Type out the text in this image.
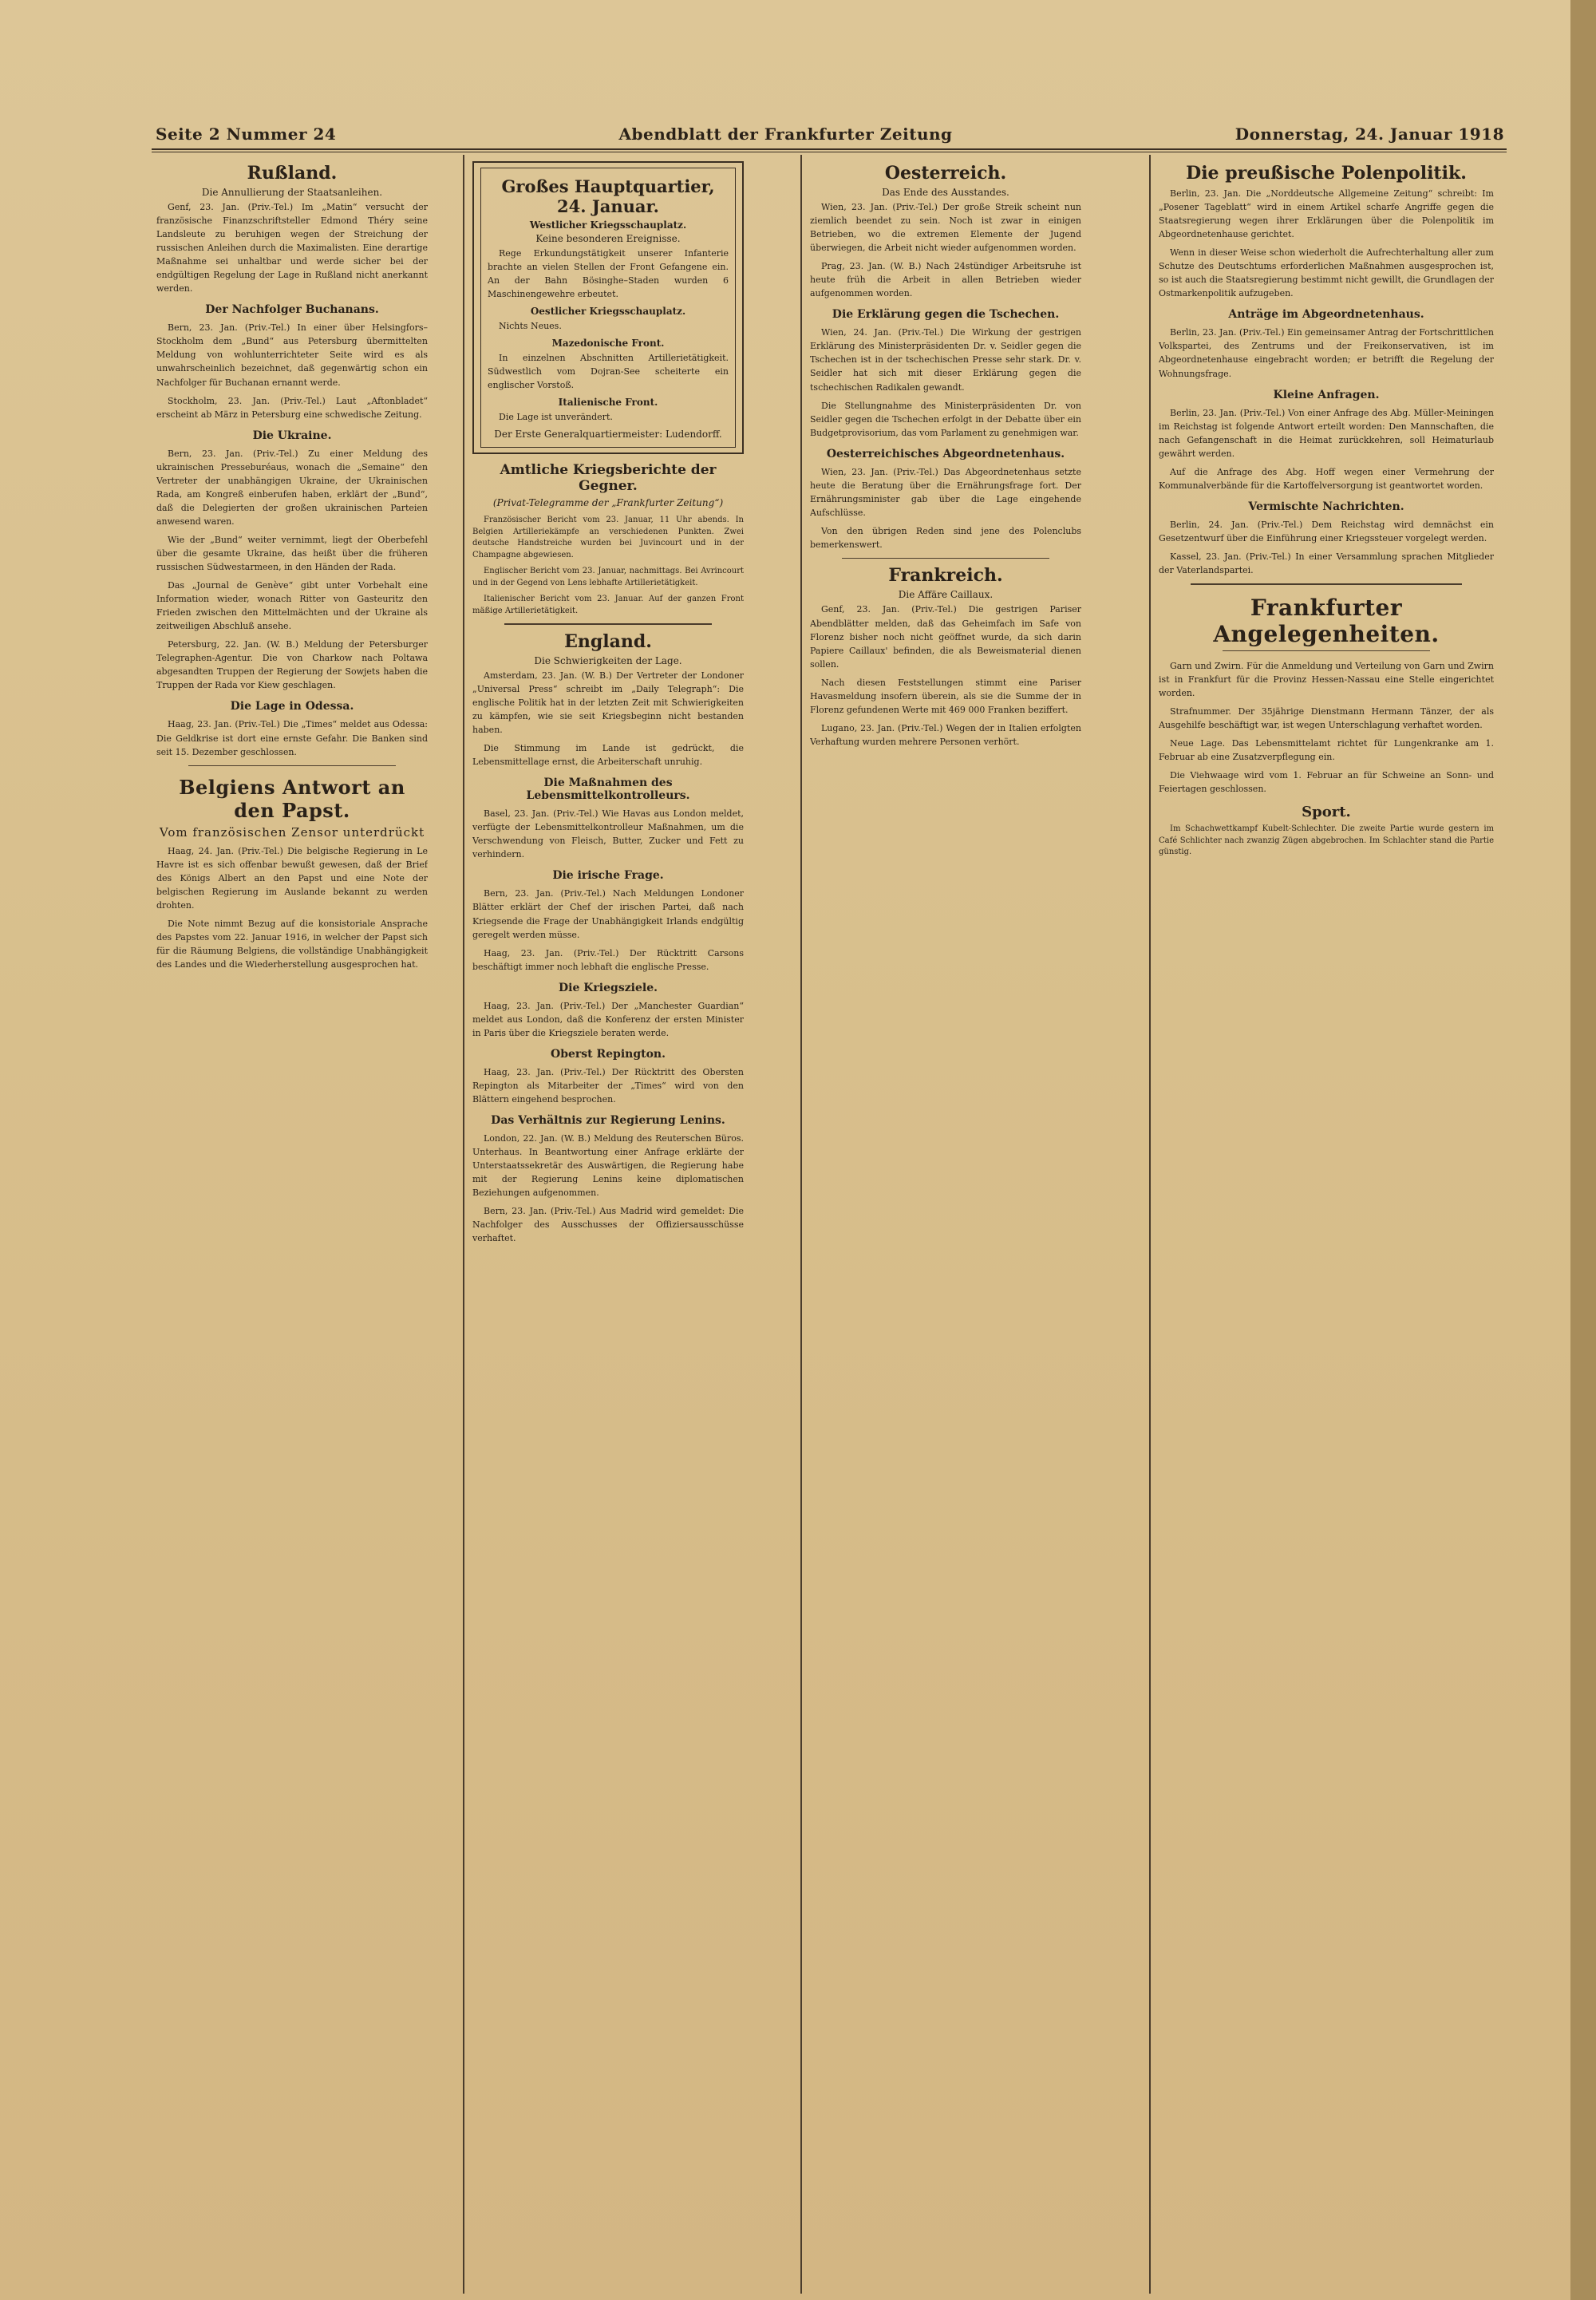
Seite 2 Nummer 24	Abendblatt der Frankfurter Zeitung	Donnerstag, 24. Januar 1918
Rußland.
Die Annullierung der Staatsanleihen.

Genf, 23. Jan. (Priv.-Tel.) Im „Matin“ versucht der französische Finanzschriftsteller Edmond Théry seine Landsleute zu beruhigen wegen der Streichung der russischen Anleihen durch die Maximalisten. Eine derartige Maßnahme sei unhaltbar und werde sicher bei der endgültigen Regelung der Lage in Rußland nicht anerkannt werden.

Der Nachfolger Buchanans.

Bern, 23. Jan. (Priv.-Tel.) In einer über Helsingfors–Stockholm dem „Bund“ aus Petersburg übermittelten Meldung von wohlunterrichteter Seite wird es als unwahrscheinlich bezeichnet, daß gegenwärtig schon ein Nachfolger für Buchanan ernannt werde.

Stockholm, 23. Jan. (Priv.-Tel.) Laut „Aftonbladet“ erscheint ab März in Petersburg eine schwedische Zeitung.

Die Ukraine.

Bern, 23. Jan. (Priv.-Tel.) Zu einer Meldung des ukrainischen Presseburéaus, wonach die „Semaine“ den Vertreter der unabhängigen Ukraine, der Ukrainischen Rada, am Kongreß einberufen haben, erklärt der „Bund“, daß die Delegierten der großen ukrainischen Parteien anwesend waren.

Wie der „Bund“ weiter vernimmt, liegt der Oberbefehl über die gesamte Ukraine, das heißt über die früheren russischen Südwestarmeen, in den Händen der Rada.

Das „Journal de Genève“ gibt unter Vorbehalt eine Information wieder, wonach Ritter von Gasteuritz den Frieden zwischen den Mittelmächten und der Ukraine als zeitweiligen Abschluß ansehe.

Petersburg, 22. Jan. (W. B.) Meldung der Petersburger Telegraphen-Agentur. Die von Charkow nach Poltawa abgesandten Truppen der Regierung der Sowjets haben die Truppen der Rada vor Kiew geschlagen.

Die Lage in Odessa.

Haag, 23. Jan. (Priv.-Tel.) Die „Times“ meldet aus Odessa: Die Geldkrise ist dort eine ernste Gefahr. Die Banken sind seit 15. Dezember geschlossen.

Belgiens Antwort an den Papst.
Vom französischen Zensor unterdrückt

Haag, 24. Jan. (Priv.-Tel.) Die belgische Regierung in Le Havre ist es sich offenbar bewußt gewesen, daß der Brief des Königs Albert an den Papst und eine Note der belgischen Regierung im Auslande bekannt zu werden drohten.

Die Note nimmt Bezug auf die konsistoriale Ansprache des Papstes vom 22. Januar 1916, in welcher der Papst sich für die Räumung Belgiens, die vollständige Unabhängigkeit des Landes und die Wiederherstellung ausgesprochen hat.

Großes Hauptquartier, 24. Januar.
Westlicher Kriegsschauplatz.
Keine besonderen Ereignisse.

Rege Erkundungstätigkeit unserer Infanterie brachte an vielen Stellen der Front Gefangene ein. An der Bahn Bösinghe–Staden wurden 6 Maschinengewehre erbeutet.

Oestlicher Kriegsschauplatz.

Nichts Neues.

Mazedonische Front.

In einzelnen Abschnitten Artillerietätigkeit. Südwestlich vom Dojran-See scheiterte ein englischer Vorstoß.

Italienische Front.

Die Lage ist unverändert.

Der Erste Generalquartiermeister: Ludendorff.
Amtliche Kriegsberichte der Gegner.
(Privat-Telegramme der „Frankfurter Zeitung“)

Französischer Bericht vom 23. Januar, 11 Uhr abends. In Belgien Artilleriekämpfe an verschiedenen Punkten. Zwei deutsche Handstreiche wurden bei Juvincourt und in der Champagne abgewiesen.

Englischer Bericht vom 23. Januar, nachmittags. Bei Avrincourt und in der Gegend von Lens lebhafte Artillerietätigkeit.

Italienischer Bericht vom 23. Januar. Auf der ganzen Front mäßige Artillerietätigkeit.

England.
Die Schwierigkeiten der Lage.

Amsterdam, 23. Jan. (W. B.) Der Vertreter der Londoner „Universal Press“ schreibt im „Daily Telegraph“: Die englische Politik hat in der letzten Zeit mit Schwierigkeiten zu kämpfen, wie sie seit Kriegsbeginn nicht bestanden haben.

Die Stimmung im Lande ist gedrückt, die Lebensmittellage ernst, die Arbeiterschaft unruhig.

Die Maßnahmen des Lebensmittelkontrolleurs.

Basel, 23. Jan. (Priv.-Tel.) Wie Havas aus London meldet, verfügte der Lebensmittelkontrolleur Maßnahmen, um die Verschwendung von Fleisch, Butter, Zucker und Fett zu verhindern.

Die irische Frage.

Bern, 23. Jan. (Priv.-Tel.) Nach Meldungen Londoner Blätter erklärt der Chef der irischen Partei, daß nach Kriegsende die Frage der Unabhängigkeit Irlands endgültig geregelt werden müsse.

Haag, 23. Jan. (Priv.-Tel.) Der Rücktritt Carsons beschäftigt immer noch lebhaft die englische Presse.

Die Kriegsziele.

Haag, 23. Jan. (Priv.-Tel.) Der „Manchester Guardian“ meldet aus London, daß die Konferenz der ersten Minister in Paris über die Kriegsziele beraten werde.

Oberst Repington.

Haag, 23. Jan. (Priv.-Tel.) Der Rücktritt des Obersten Repington als Mitarbeiter der „Times“ wird von den Blättern eingehend besprochen.

Das Verhältnis zur Regierung Lenins.

London, 22. Jan. (W. B.) Meldung des Reuterschen Büros. Unterhaus. In Beantwortung einer Anfrage erklärte der Unterstaatssekretär des Auswärtigen, die Regierung habe mit der Regierung Lenins keine diplomatischen Beziehungen aufgenommen.

Bern, 23. Jan. (Priv.-Tel.) Aus Madrid wird gemeldet: Die Nachfolger des Ausschusses der Offiziersausschüsse verhaftet.

Oesterreich.
Das Ende des Ausstandes.

Wien, 23. Jan. (Priv.-Tel.) Der große Streik scheint nun ziemlich beendet zu sein. Noch ist zwar in einigen Betrieben, wo die extremen Elemente der Jugend überwiegen, die Arbeit nicht wieder aufgenommen worden.

Prag, 23. Jan. (W. B.) Nach 24stündiger Arbeitsruhe ist heute früh die Arbeit in allen Betrieben wieder aufgenommen worden.

Die Erklärung gegen die Tschechen.

Wien, 24. Jan. (Priv.-Tel.) Die Wirkung der gestrigen Erklärung des Ministerpräsidenten Dr. v. Seidler gegen die Tschechen ist in der tschechischen Presse sehr stark. Dr. v. Seidler hat sich mit dieser Erklärung gegen die tschechischen Radikalen gewandt.

Die Stellungnahme des Ministerpräsidenten Dr. von Seidler gegen die Tschechen erfolgt in der Debatte über ein Budgetprovisorium, das vom Parlament zu genehmigen war.

Oesterreichisches Abgeordnetenhaus.

Wien, 23. Jan. (Priv.-Tel.) Das Abgeordnetenhaus setzte heute die Beratung über die Ernährungsfrage fort. Der Ernährungsminister gab über die Lage eingehende Aufschlüsse.

Von den übrigen Reden sind jene des Polenclubs bemerkenswert.

Frankreich.
Die Affäre Caillaux.

Genf, 23. Jan. (Priv.-Tel.) Die gestrigen Pariser Abendblätter melden, daß das Geheimfach im Safe von Florenz bisher noch nicht geöffnet wurde, da sich darin Papiere Caillaux' befinden, die als Beweismaterial dienen sollen.

Nach diesen Feststellungen stimmt eine Pariser Havasmeldung insofern überein, als sie die Summe der in Florenz gefundenen Werte mit 469 000 Franken beziffert.

Lugano, 23. Jan. (Priv.-Tel.) Wegen der in Italien erfolgten Verhaftung wurden mehrere Personen verhört.

Die preußische Polenpolitik.

Berlin, 23. Jan. Die „Norddeutsche Allgemeine Zeitung“ schreibt: Im „Posener Tageblatt“ wird in einem Artikel scharfe Angriffe gegen die Staatsregierung wegen ihrer Erklärungen über die Polenpolitik im Abgeordnetenhause gerichtet.

Wenn in dieser Weise schon wiederholt die Aufrechterhaltung aller zum Schutze des Deutschtums erforderlichen Maßnahmen ausgesprochen ist, so ist auch die Staatsregierung bestimmt nicht gewillt, die Grundlagen der Ostmarkenpolitik aufzugeben.

Anträge im Abgeordnetenhaus.

Berlin, 23. Jan. (Priv.-Tel.) Ein gemeinsamer Antrag der Fortschrittlichen Volkspartei, des Zentrums und der Freikonservativen, ist im Abgeordnetenhause eingebracht worden; er betrifft die Regelung der Wohnungsfrage.

Kleine Anfragen.

Berlin, 23. Jan. (Priv.-Tel.) Von einer Anfrage des Abg. Müller-Meiningen im Reichstag ist folgende Antwort erteilt worden: Den Mannschaften, die nach Gefangenschaft in die Heimat zurückkehren, soll Heimaturlaub gewährt werden.

Auf die Anfrage des Abg. Hoff wegen einer Vermehrung der Kommunalverbände für die Kartoffelversorgung ist geantwortet worden.

Vermischte Nachrichten.

Berlin, 24. Jan. (Priv.-Tel.) Dem Reichstag wird demnächst ein Gesetzentwurf über die Einführung einer Kriegssteuer vorgelegt werden.

Kassel, 23. Jan. (Priv.-Tel.) In einer Versammlung sprachen Mitglieder der Vaterlandspartei.

Frankfurter Angelegenheiten.

Garn und Zwirn. Für die Anmeldung und Verteilung von Garn und Zwirn ist in Frankfurt für die Provinz Hessen-Nassau eine Stelle eingerichtet worden.

Strafnummer. Der 35jährige Dienstmann Hermann Tänzer, der als Ausgehilfe beschäftigt war, ist wegen Unterschlagung verhaftet worden.

Neue Lage. Das Lebensmittelamt richtet für Lungenkranke am 1. Februar ab eine Zusatzverpflegung ein.

Die Viehwaage wird vom 1. Februar an für Schweine an Sonn- und Feiertagen geschlossen.

Sport.

Im Schachwettkampf Kubelt-Schlechter. Die zweite Partie wurde gestern im Café Schlichter nach zwanzig Zügen abgebrochen. Im Schlachter stand die Partie günstig.
